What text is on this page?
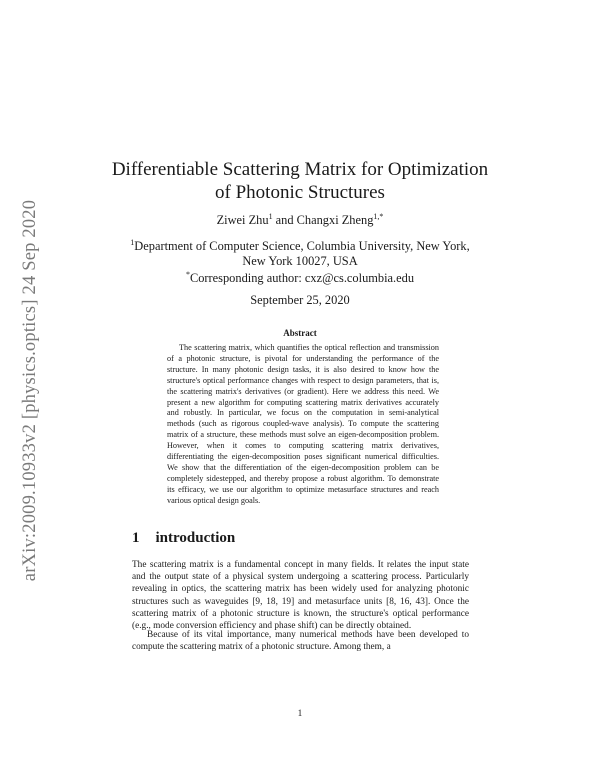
arXiv:2009.10933v2 [physics.optics] 24 Sep 2020
Differentiable Scattering Matrix for Optimization
of Photonic Structures
Ziwei Zhu$^1$ and Changxi Zheng$^{1,*}$
$^1$Department of Computer Science, Columbia University, New York,
New York 10027, USA
*Corresponding author: cxz@cs.columbia.edu
September 25, 2020
Abstract

The scattering matrix, which quantifies the optical reflection and transmission of a photonic structure, is pivotal for understanding the performance of the structure. In many photonic design tasks, it is also desired to know how the structure's optical performance changes with respect to design parameters, that is, the scattering matrix's derivatives (or gradient). Here we address this need. We present a new algorithm for computing scattering matrix derivatives accurately and robustly. In particular, we focus on the computation in semi-analytical methods (such as rigorous coupled-wave analysis). To compute the scattering matrix of a structure, these methods must solve an eigen-decomposition problem. However, when it comes to computing scattering matrix derivatives, differentiating the eigen-decomposition poses significant numerical difficulties. We show that the differentiation of the eigen-decomposition problem can be completely sidestepped, and thereby propose a robust algorithm. To demonstrate its efficacy, we use our algorithm to optimize metasurface structures and reach various optical design goals.

1 introduction

The scattering matrix is a fundamental concept in many fields. It relates the input state and the output state of a physical system undergoing a scattering process. Particularly revealing in optics, the scattering matrix has been widely used for analyzing photonic structures such as waveguides [9, 18, 19] and metasurface units [8, 16, 43]. Once the scattering matrix of a photonic structure is known, the structure's optical performance (e.g., mode conversion efficiency and phase shift) can be directly obtained.

Because of its vital importance, many numerical methods have been developed to compute the scattering matrix of a photonic structure. Among them, a

1
